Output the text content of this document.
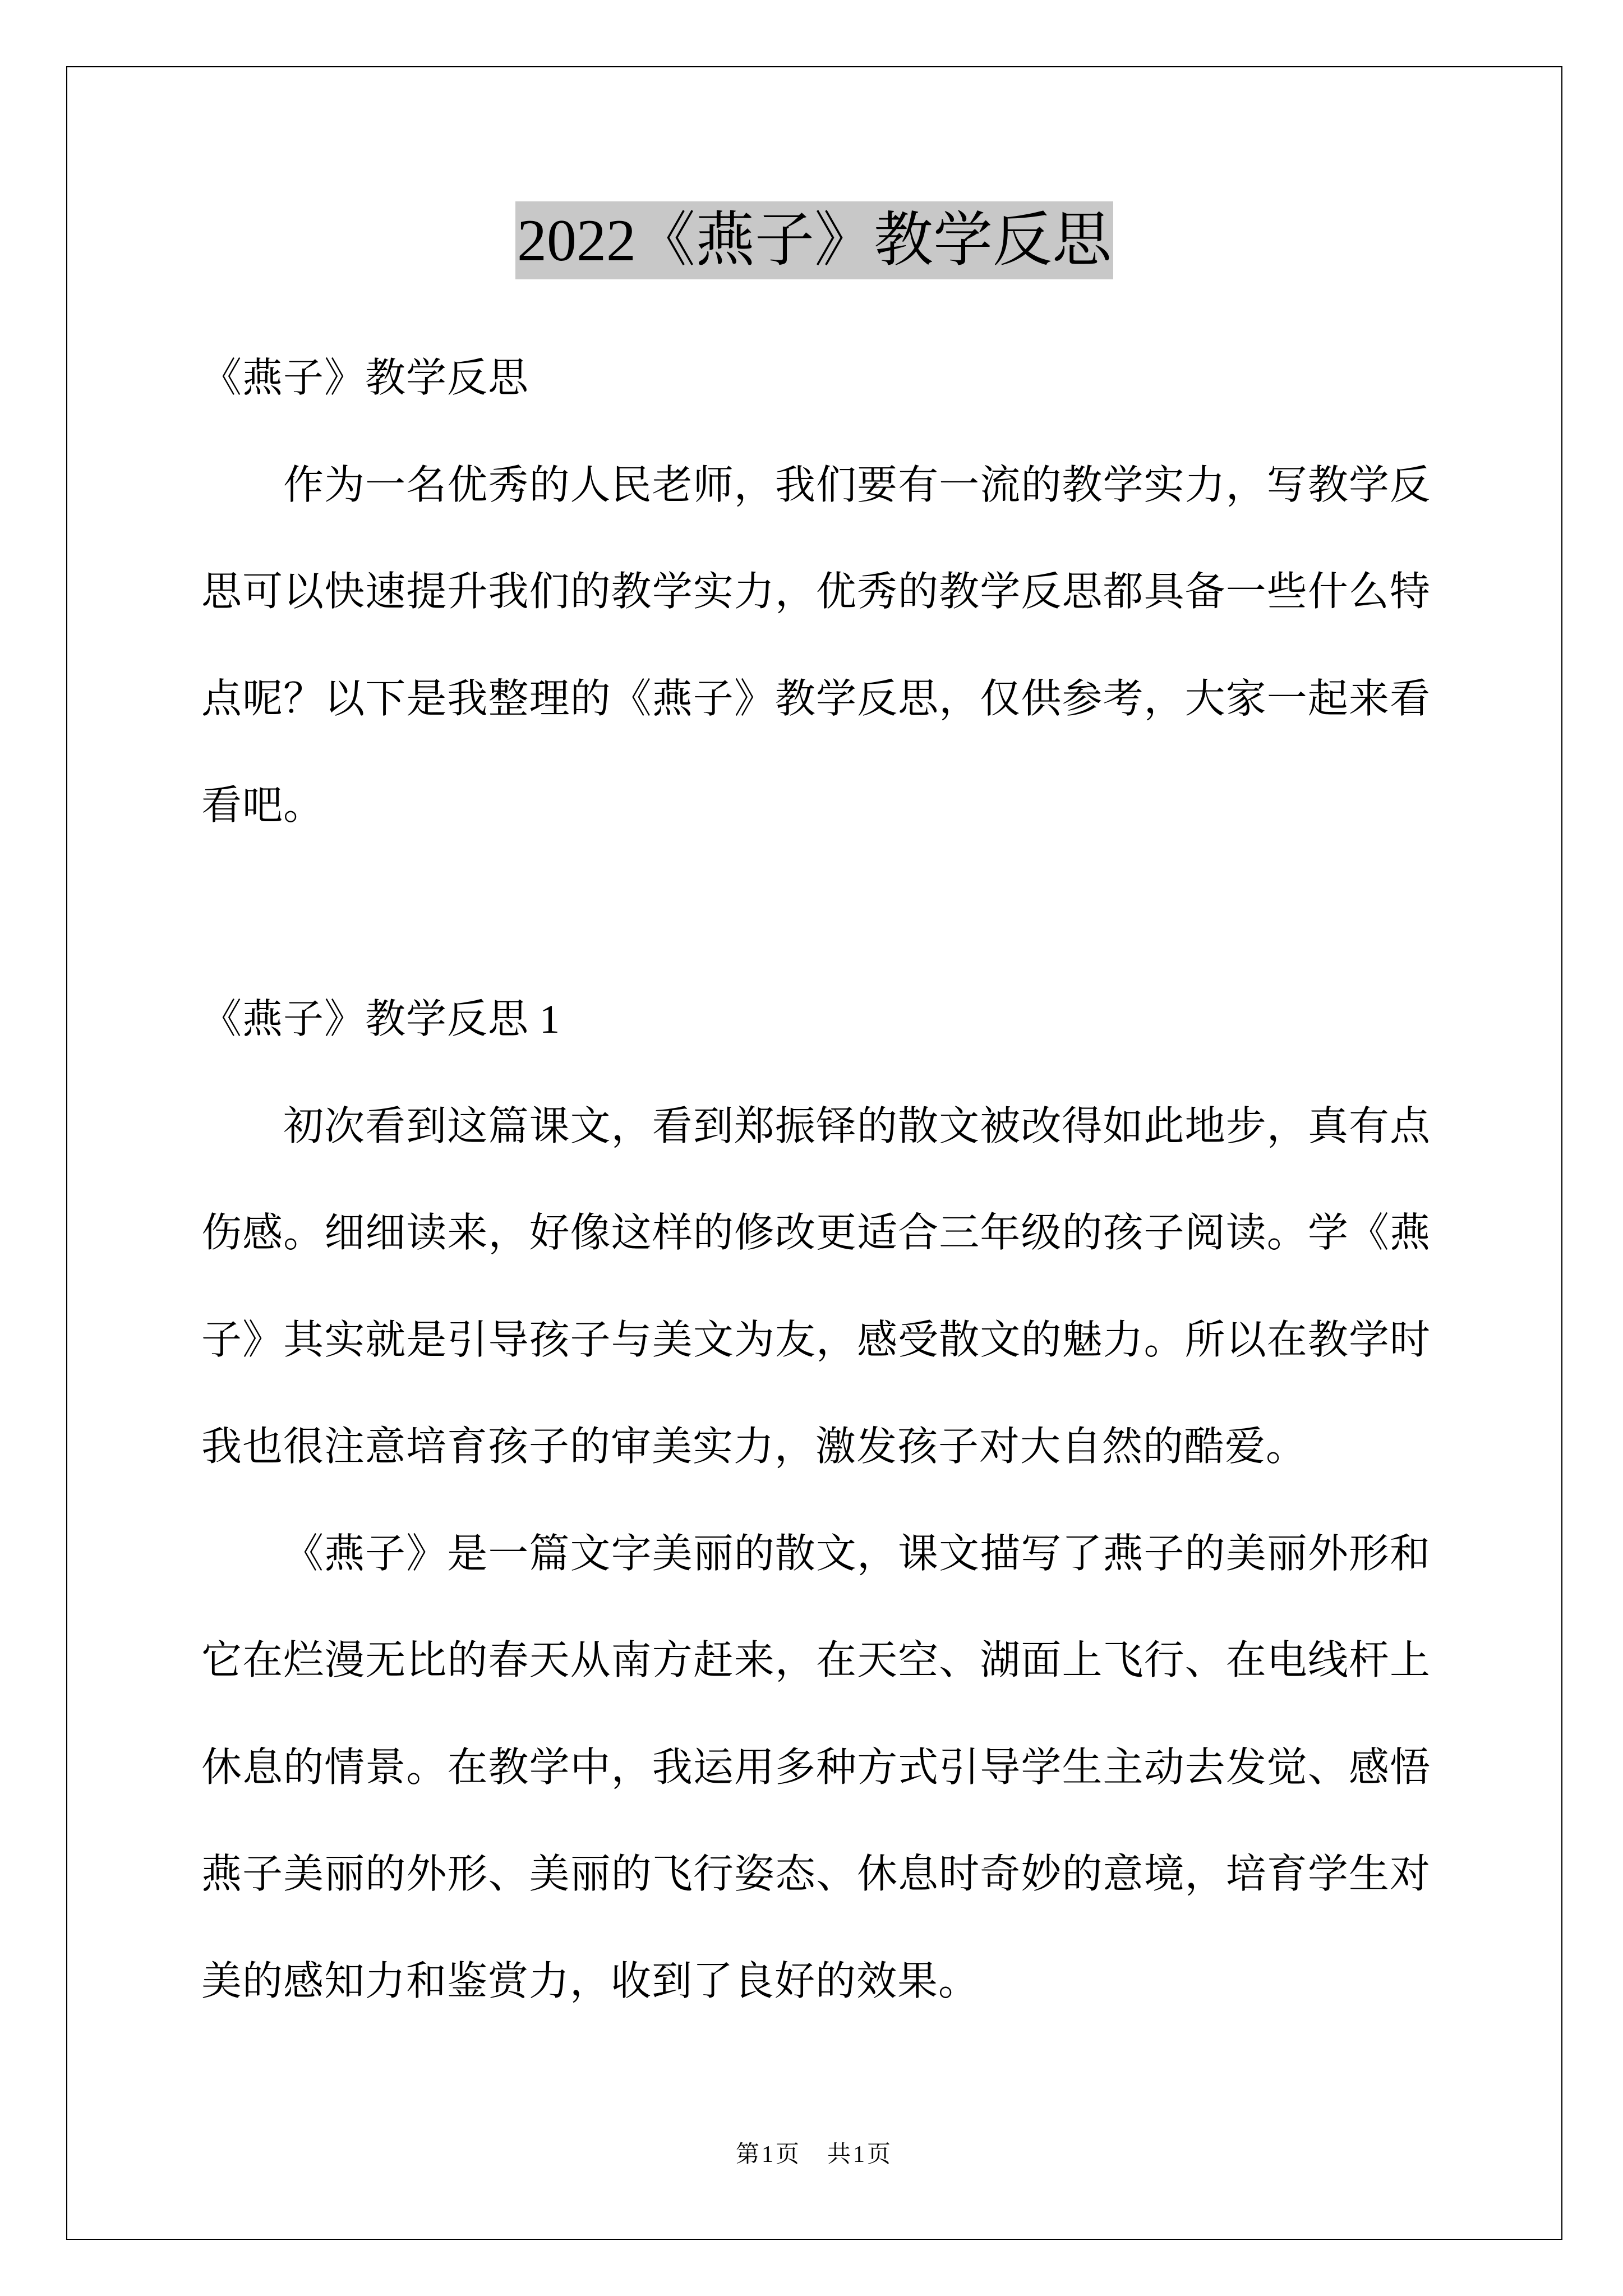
2022《燕子》教学反思
《燕子》教学反思
作为一名优秀的人民老师，我们要有一流的教学实力，写教学反
思可以快速提升我们的教学实力，优秀的教学反思都具备一些什么特
点呢？以下是我整理的《燕子》教学反思，仅供参考，大家一起来看
看吧。
《燕子》教学反思 1
初次看到这篇课文，看到郑振铎的散文被改得如此地步，真有点
伤感。细细读来，好像这样的修改更适合三年级的孩子阅读。学《燕
子》其实就是引导孩子与美文为友，感受散文的魅力。所以在教学时
我也很注意培育孩子的审美实力，激发孩子对大自然的酷爱。
《燕子》是一篇文字美丽的散文，课文描写了燕子的美丽外形和
它在烂漫无比的春天从南方赶来，在天空、湖面上飞行、在电线杆上
休息的情景。在教学中，我运用多种方式引导学生主动去发觉、感悟
燕子美丽的外形、美丽的飞行姿态、休息时奇妙的意境，培育学生对
美的感知力和鉴赏力，收到了良好的效果。
第1页　共1页
